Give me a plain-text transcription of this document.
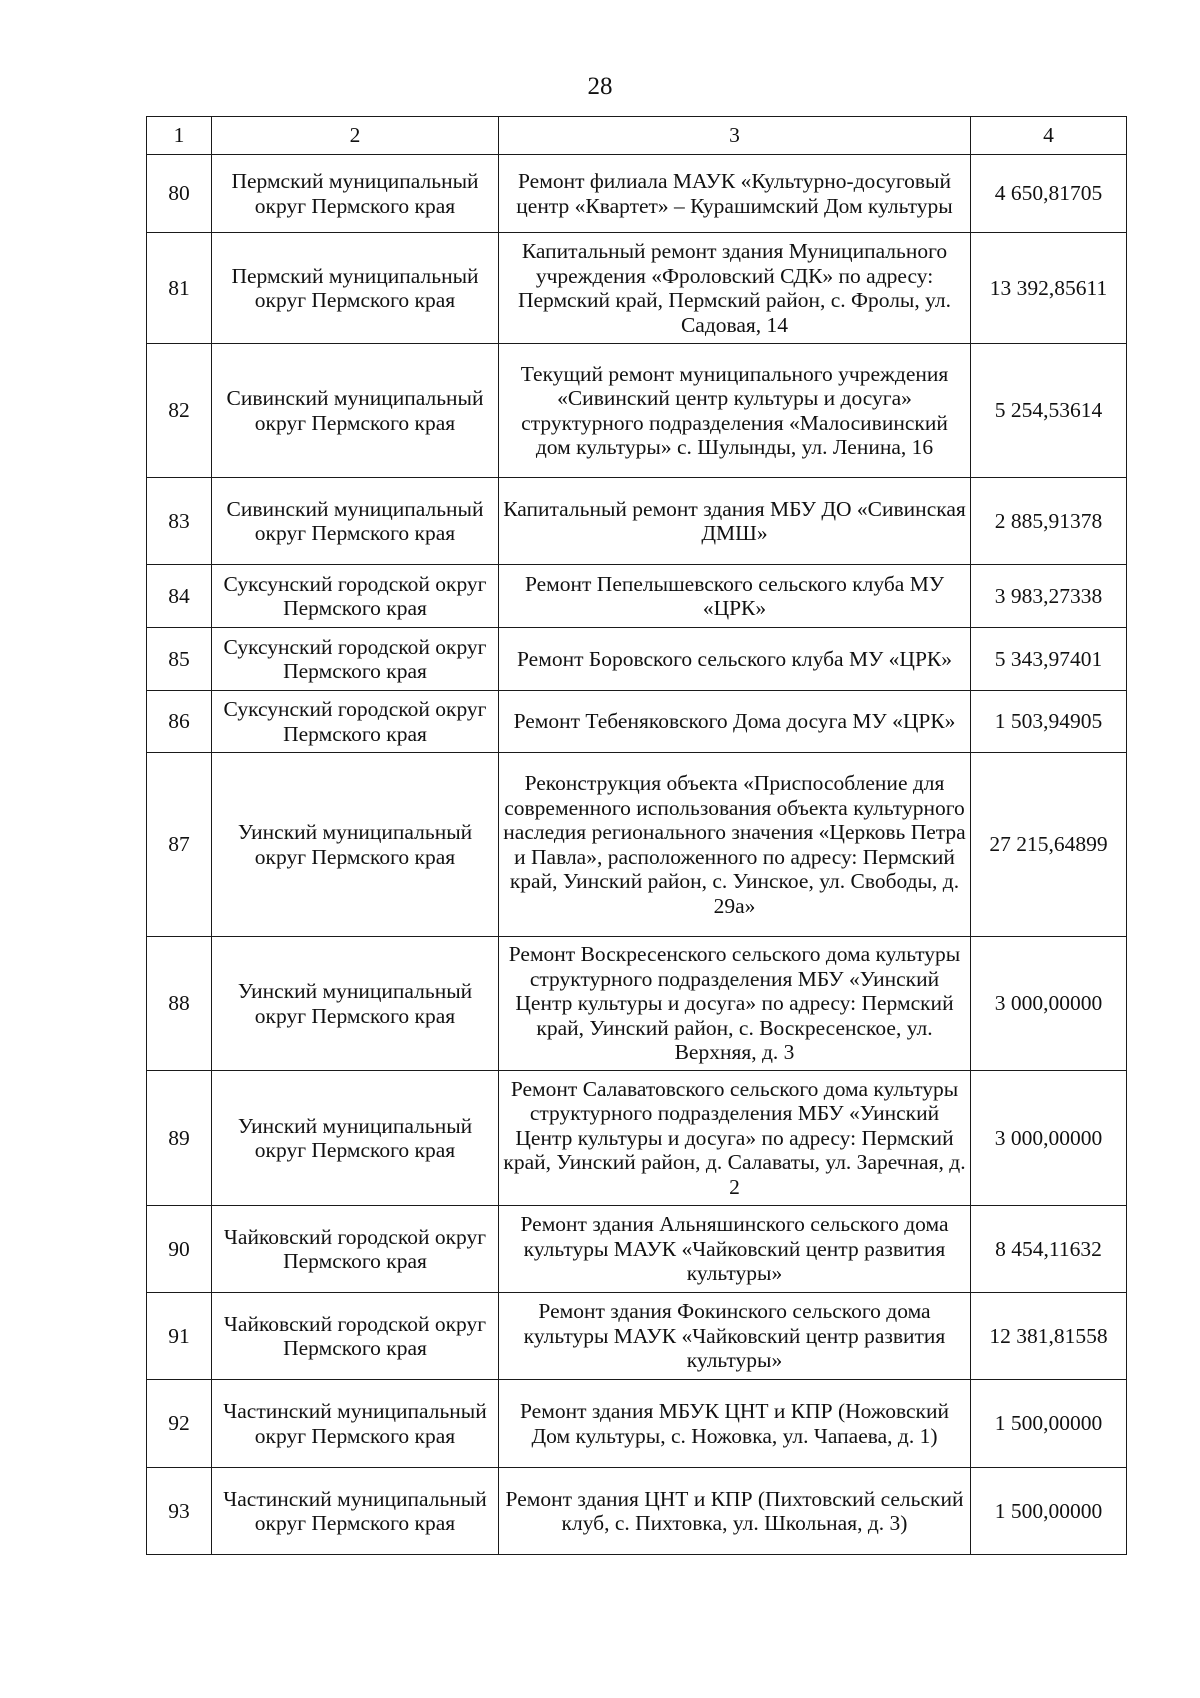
28
1	2	3	4
80	Пермский муниципальный округ Пермского края	Ремонт филиала МАУК «Культурно-досуговый центр «Квартет» – Курашимский Дом культуры	4 650,81705
81	Пермский муниципальный округ Пермского края	Капитальный ремонт здания Муниципального учреждения «Фроловский СДК» по адресу: Пермский край, Пермский район, с. Фролы, ул. Садовая, 14	13 392,85611
82	Сивинский муниципальный округ Пермского края	Текущий ремонт муниципального учреждения «Сивинский центр культуры и досуга» структурного подразделения «Малосивинский дом культуры» с. Шулынды, ул. Ленина, 16	5 254,53614
83	Сивинский муниципальный округ Пермского края	Капитальный ремонт здания МБУ ДО «Сивинская ДМШ»	2 885,91378
84	Суксунский городской округ Пермского края	Ремонт Пепелышевского сельского клуба МУ «ЦРК»	3 983,27338
85	Суксунский городской округ Пермского края	Ремонт Боровского сельского клуба МУ «ЦРК»	5 343,97401
86	Суксунский городской округ Пермского края	Ремонт Тебеняковского Дома досуга МУ «ЦРК»	1 503,94905
87	Уинский муниципальный округ Пермского края	Реконструкция объекта «Приспособление для современного использования объекта культурного наследия регионального значения «Церковь Петра и Павла», расположенного по адресу: Пермский край, Уинский район, с. Уинское, ул. Свободы, д. 29а»	27 215,64899
88	Уинский муниципальный округ Пермского края	Ремонт Воскресенского сельского дома культуры структурного подразделения МБУ «Уинский Центр культуры и досуга» по адресу: Пермский край, Уинский район, с. Воскресенское, ул. Верхняя, д. 3	3 000,00000
89	Уинский муниципальный округ Пермского края	Ремонт Салаватовского сельского дома культуры структурного подразделения МБУ «Уинский Центр культуры и досуга» по адресу: Пермский край, Уинский район, д. Салаваты, ул. Заречная, д. 2	3 000,00000
90	Чайковский городской округ Пермского края	Ремонт здания Альняшинского сельского дома культуры МАУК «Чайковский центр развития культуры»	8 454,11632
91	Чайковский городской округ Пермского края	Ремонт здания Фокинского сельского дома культуры МАУК «Чайковский центр развития культуры»	12 381,81558
92	Частинский муниципальный округ Пермского края	Ремонт здания МБУК ЦНТ и КПР (Ножовский Дом культуры, с. Ножовка, ул. Чапаева, д. 1)	1 500,00000
93	Частинский муниципальный округ Пермского края	Ремонт здания ЦНТ и КПР (Пихтовский сельский клуб, с. Пихтовка, ул. Школьная, д. 3)	1 500,00000
